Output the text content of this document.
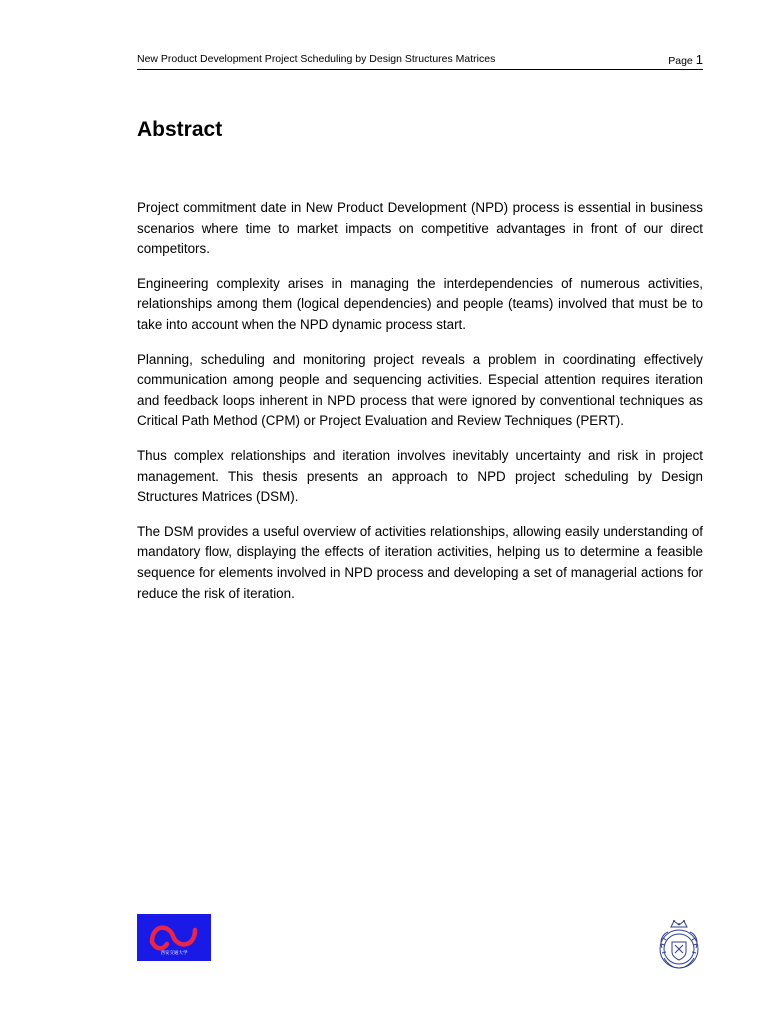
New Product Development Project Scheduling by Design Structures Matrices	Page 1
Abstract

Project commitment date in New Product Development (NPD) process is essential in business scenarios where time to market impacts on competitive advantages in front of our direct competitors.

Engineering complexity arises in managing the interdependencies of numerous activities, relationships among them (logical dependencies) and people (teams) involved that must be to take into account when the NPD dynamic process start.

Planning, scheduling and monitoring project reveals a problem in coordinating effectively communication among people and sequencing activities. Especial attention requires iteration and feedback loops inherent in NPD process that were ignored by conventional techniques as Critical Path Method (CPM) or Project Evaluation and Review Techniques (PERT).

Thus complex relationships and iteration involves inevitably uncertainty and risk in project management. This thesis presents an approach to NPD project scheduling by Design Structures Matrices (DSM).

The DSM provides a useful overview of activities relationships, allowing easily understanding of mandatory flow, displaying the effects of iteration activities, helping us to determine a feasible sequence for elements involved in NPD process and developing a set of managerial actions for reduce the risk of iteration.

西安交通大学
